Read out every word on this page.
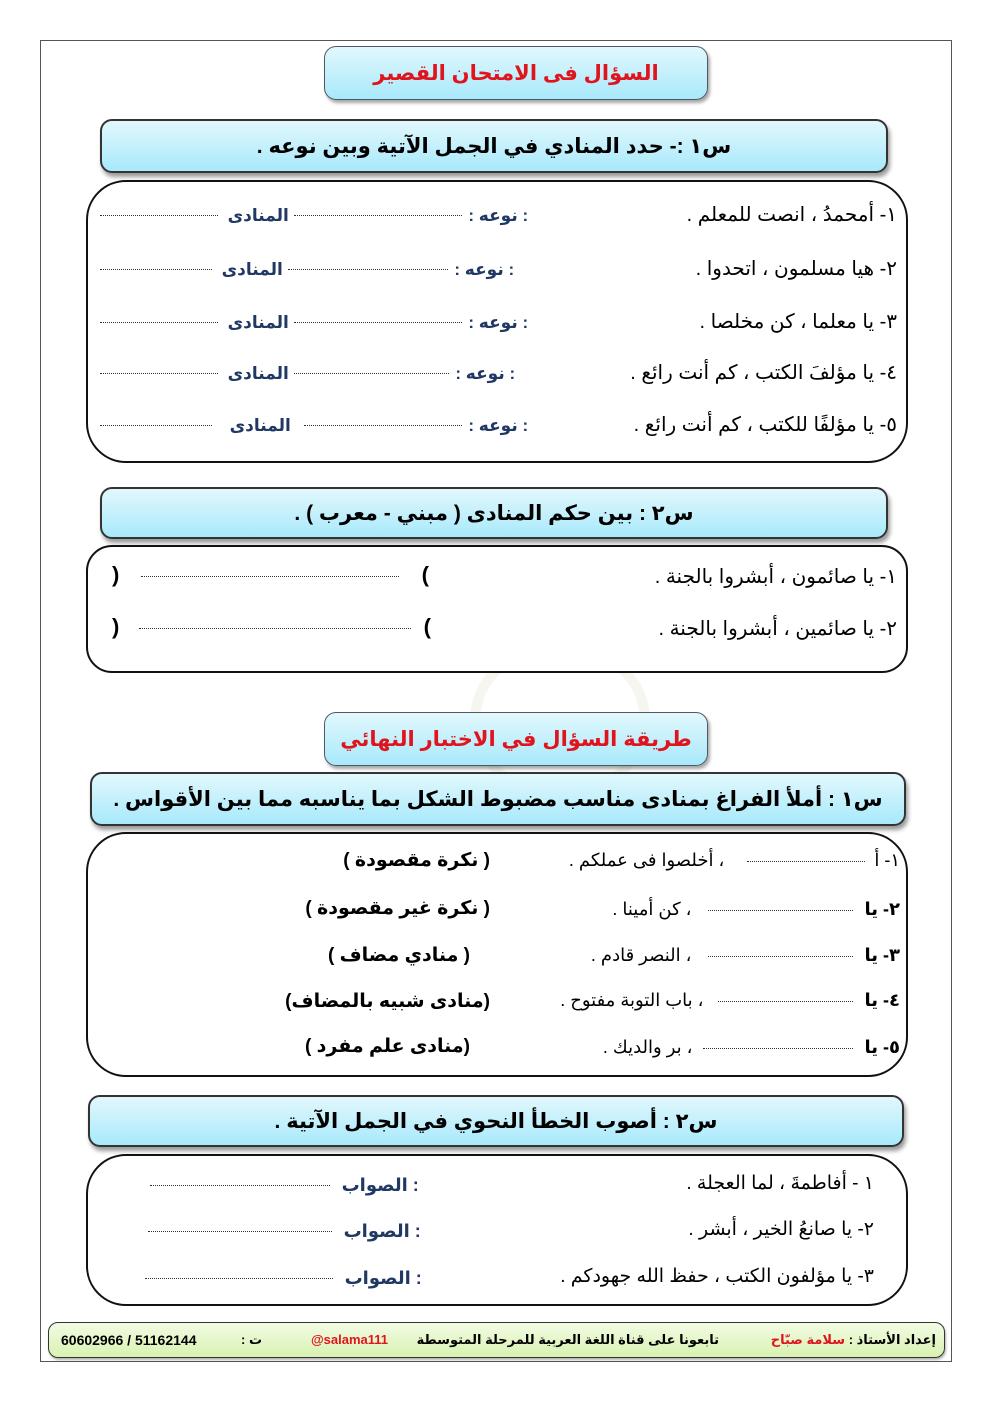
السؤال فى الامتحان القصير
س١ :- حدد المنادي في الجمل الآتية وبين نوعه .
١- أمحمدُ ، انصت للمعلم .
٢- هيا مسلمون ، اتحدوا .
٣- يا معلما ، كن مخلصا .
٤- يا مؤلفَ الكتب ، كم أنت رائع .
٥- يا مؤلفًا للكتب ، كم أنت رائع .
نوعه : المنادى :
نوعه : المنادى :
نوعه : المنادى :
نوعه : المنادى :
نوعه : المنادى :
س٢ : بين حكم المنادى ( مبني - معرب ) .
١- يا صائمون ، أبشروا بالجنة .
٢- يا صائمين ، أبشروا بالجنة .
)	(
)	(
طريقة السؤال في الاختبار النهائي
س١ : أملأ الفراغ بمنادى مناسب مضبوط الشكل بما يناسبه مما بين الأقواس .
١- أ  ، أخلصوا فى عملكم .
٢- يا  ، كن أمينا .
٣- يا  ، النصر قادم .
٤- يا  ، باب التوبة مفتوح .
٥- يا  ، بر والديك .
( نكرة مقصودة )
( نكرة غير مقصودة )
( منادي مضاف )
(منادى شبيه بالمضاف)
(منادى علم مفرد )
س٢ : أصوب الخطأ النحوي في الجمل الآتية .
١ - أفاطمةَ ، لما العجلة .
٢- يا صانعُ الخير ، أبشر .
٣- يا مؤلفون الكتب ، حفظ الله جهودكم .
الصواب :
الصواب :
الصواب :
إعداد الأستاذ : سلامة صبّاح
تابعونا على قناة اللغة العربية للمرحلة المتوسطة
@salama111
ت :
60602966 / 51162144
